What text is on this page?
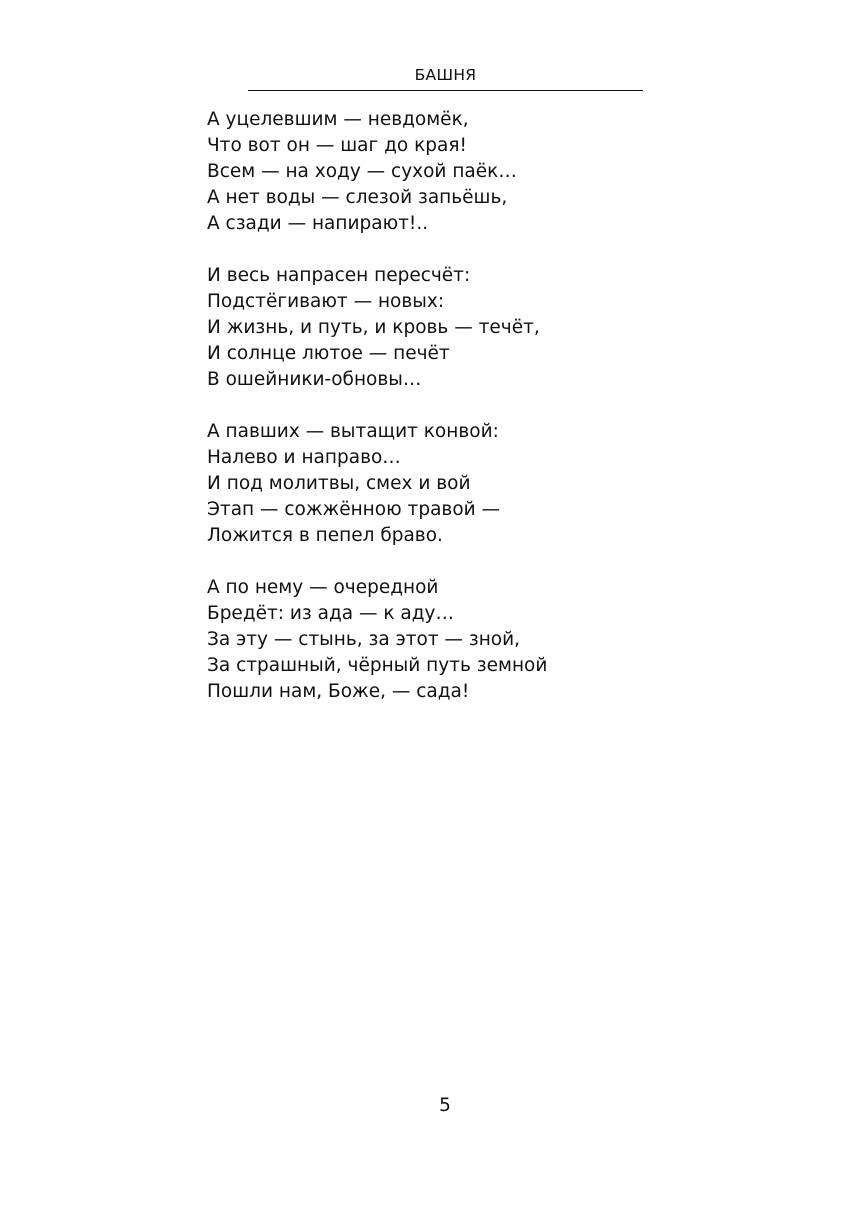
БАШНЯ
А уцелевшим — невдомёк,
Что вот он — шаг до края!
Всем — на ходу — сухой паёк…
А нет воды — слезой запьёшь,
А сзади — напирают!..
И весь напрасен пересчёт:
Подстёгивают — новых:
И жизнь, и путь, и кровь — течёт,
И солнце лютое — печёт
В ошейники-обновы…
А павших — вытащит конвой:
Налево и направо…
И под молитвы, смех и вой
Этап — сожжённою травой —
Ложится в пепел браво.
А по нему — очередной
Бредёт: из ада — к аду…
За эту — стынь, за этот — зной,
За страшный, чёрный путь земной
Пошли нам, Боже, — сада!
5
